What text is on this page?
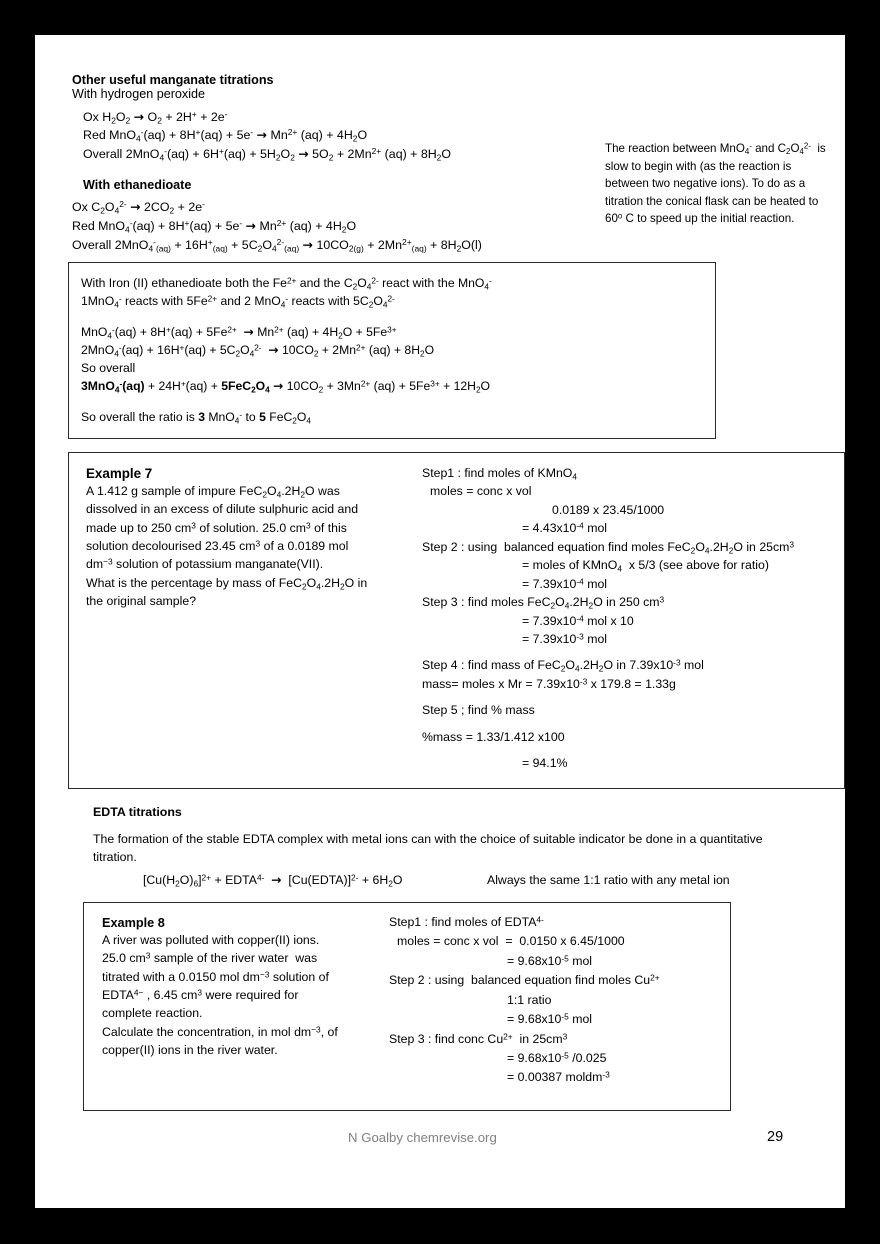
Other useful manganate titrations
With hydrogen peroxide
Ox $H_2O_2 \to O_2 + 2H^+ + 2e^-$
Red $MnO_4^-(aq) + 8H^+(aq) + 5e^- \to Mn^{2+}$ $(aq) + 4H_2O$
Overall $2MnO_4^-(aq) + 6H^+(aq) + 5H_2O_2 \to 5O_2 + 2Mn^{2+}$ $(aq) + 8H_2O$
With ethanedioate
Ox $C_2O_4^{2-} \to 2CO_2 + 2e^-$
Red $MnO_4^-(aq) + 8H^+(aq) + 5e^- \to Mn^{2+}$ $(aq) + 4H_2O$
Overall $2MnO_4^-_{(aq)} + 16H^+_{(aq)} + 5C_2O_4^{2-}_{(aq)} \to 10CO_{2(g)} + 2Mn^{2+}_{(aq)} + 8H_2O(l)$
The reaction between MnO$_4$- and $C_2O_4^{2-}$  is slow to begin with (as the reaction is between two negative ions). To do as a titration the conical flask can be heated to 60$^o$ C to speed up the initial reaction.
With Iron (II) ethanedioate both the $Fe^{2+}$ and the $C_2O_4^{2-}$ react with the MnO$_4$-
1MnO$_4$- reacts with $5Fe^{2+}$ and 2 MnO$_4$- reacts with $5C_2O_4^{2-}$
$MnO_4^-(aq) + 8H^+(aq) + 5Fe^{2+} \to Mn^{2+}$ $(aq) + 4H_2O + 5Fe^{3+}$
$2MnO_4^-(aq) + 16H^+(aq) + 5C_2O_4^{2-} \to 10CO_2 + 2Mn^{2+}$ $(aq) + 8H_2O$
So overall
$3MnO_4^-(aq) + 24H^+(aq) + 5FeC_2O_4 \to 10CO_2 + 3Mn^{2+}$ $(aq) + 5Fe^{3+} + 12H_2O$
So overall the ratio is 3 MnO$_4$- to 5 $FeC_2O_4$
Example 7
A 1.412 g sample of impure $FeC_2O_4.2H_2O$ was dissolved in an excess of dilute sulphuric acid and made up to 250 $cm^3$ of solution. 25.0 $cm^3$ of this solution decolourised 23.45 $cm^3$ of a 0.0189 mol $dm^{-3}$ solution of potassium manganate(VII).
What is the percentage by mass of $FeC_2O_4.2H_2O$ in the original sample?
Step1 : find moles of KMnO$_4$
moles = conc x vol
0.0189 x 23.45/1000
= $4.43x10^{-4}$ mol
Step 2 : using  balanced equation find moles $FeC_2O_4.2H_2O$ in $25cm^3$
= moles of KMnO$_4$  x 5/3 (see above for ratio)
= $7.39x10^{-4}$ mol
Step 3 : find moles $FeC_2O_4.2H_2O$ in 250 $cm^3$
= $7.39x10^{-4}$ mol x 10
= $7.39x10^{-3}$ mol
Step 4 : find mass of $FeC_2O_4.2H_2O$ in $7.39x10^{-3}$ mol
mass= moles x $Mr = 7.39x10^{-3}$ x 179.8 = 1.33g
Step 5 ; find % mass
%mass = 1.33/1.412 x100
= 94.1%
EDTA titrations
The formation of the stable EDTA complex with metal ions can with the choice of suitable indicator be done in a quantitative titration.
$[Cu(H_2O)_6]^{2+}$ + $EDTA^{4-}$ →  [Cu(EDTA)]$^{2-}$ + $6H_2O$	Always the same 1:1 ratio with any metal ion
Example 8
A river was polluted with copper(II) ions. 25.0 $cm^3$ sample of the river water  was  titrated with a 0.0150 mol $dm^{-3}$ solution of $EDTA^{4-}$ , 6.45 $cm^3$ were required for complete reaction.
Calculate the concentration, in mol $dm^{-3}$, of copper(II) ions in the river water.
Step1 : find moles of $EDTA^{4-}$
moles = conc x vol  =  0.0150 x 6.45/1000
= $9.68x10^{-5}$ mol
Step 2 : using  balanced equation find moles $Cu^{2+}$
1:1 ratio
= $9.68x10^{-5}$ mol
Step 3 : find conc $Cu^{2+}$  in $25cm^3$
= $9.68x10^{-5}$ /0.025
= 0.00387 moldm$^{-3}$
N Goalby chemrevise.org	29
